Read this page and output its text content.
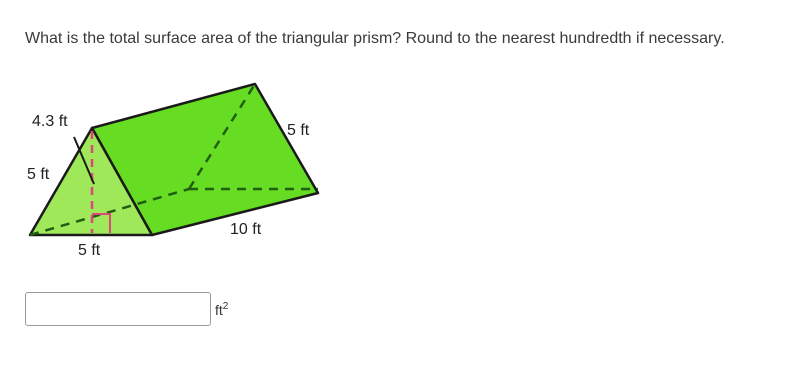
What is the total surface area of the triangular prism? Round to the nearest hundredth if necessary.

4.3 ft
5 ft
5 ft
10 ft
5 ft
$ft^2$
